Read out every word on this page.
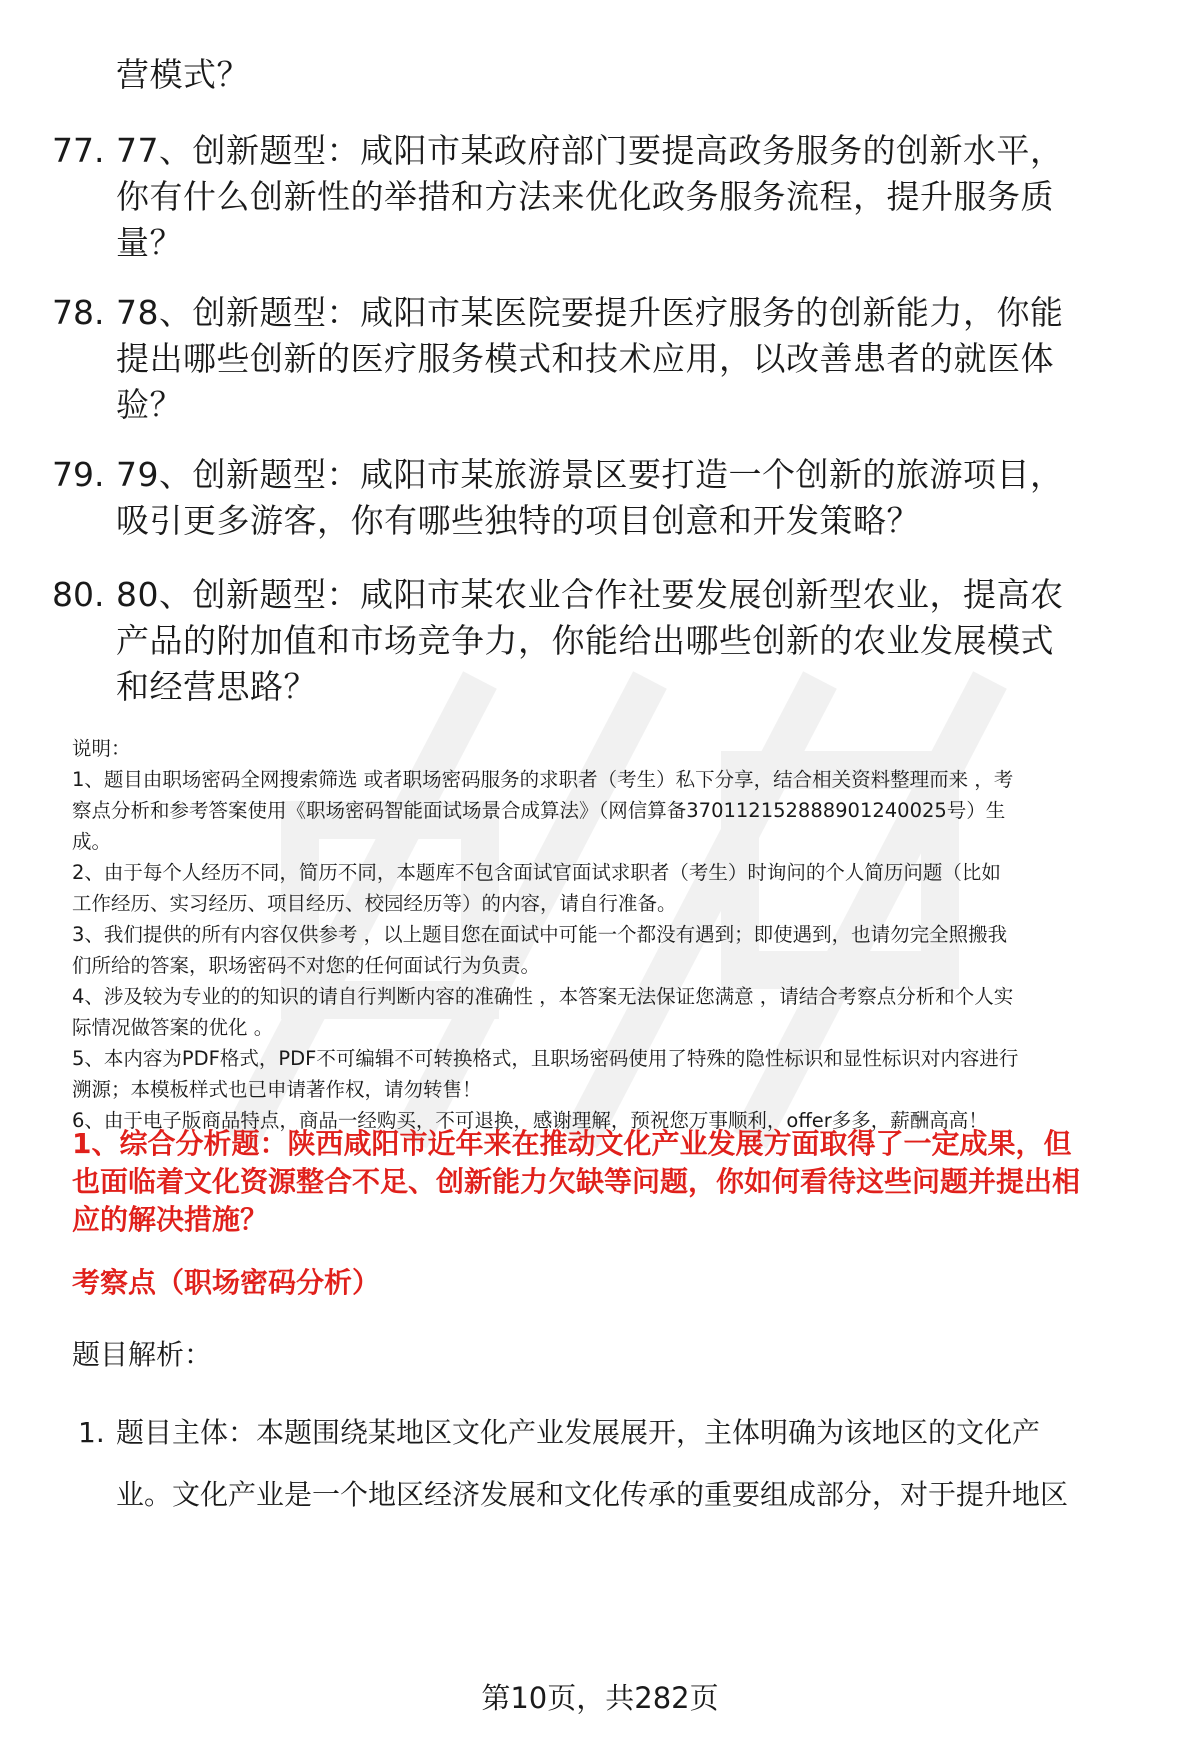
营模式？
77. 77、创新题型：咸阳市某政府部门要提高政务服务的创新水平，
你有什么创新性的举措和方法来优化政务服务流程，提升服务质
量？
78. 78、创新题型：咸阳市某医院要提升医疗服务的创新能力，你能
提出哪些创新的医疗服务模式和技术应用，以改善患者的就医体
验？
79. 79、创新题型：咸阳市某旅游景区要打造一个创新的旅游项目，
吸引更多游客，你有哪些独特的项目创意和开发策略？
80. 80、创新题型：咸阳市某农业合作社要发展创新型农业，提高农
产品的附加值和市场竞争力，你能给出哪些创新的农业发展模式
和经营思路？
说明：
1、题目由职场密码全网搜索筛选 或者职场密码服务的求职者（考生）私下分享，结合相关资料整理而来 ，考
察点分析和参考答案使用《职场密码智能面试场景合成算法》（网信算备370112152888901240025号）生
成。
2、由于每个人经历不同，简历不同，本题库不包含面试官面试求职者（考生）时询问的个人简历问题（比如
工作经历、实习经历、项目经历、校园经历等）的内容，请自行准备。
3、我们提供的所有内容仅供参考 ，以上题目您在面试中可能一个都没有遇到；即使遇到，也请勿完全照搬我
们所给的答案，职场密码不对您的任何面试行为负责。
4、涉及较为专业的的知识的请自行判断内容的准确性 ，本答案无法保证您满意 ，请结合考察点分析和个人实
际情况做答案的优化 。
5、本内容为PDF格式，PDF不可编辑不可转换格式，且职场密码使用了特殊的隐性标识和显性标识对内容进行
溯源；本模板样式也已申请著作权，请勿转售！
6、由于电子版商品特点，商品一经购买，不可退换，感谢理解，预祝您万事顺利，offer多多，薪酬高高！
1、综合分析题：陕西咸阳市近年来在推动文化产业发展方面取得了一定成果，但
也面临着文化资源整合不足、创新能力欠缺等问题，你如何看待这些问题并提出相
应的解决措施？
考察点（职场密码分析）
题目解析：
1. 题目主体：本题围绕某地区文化产业发展展开，主体明确为该地区的文化产
业。文化产业是一个地区经济发展和文化传承的重要组成部分，对于提升地区
第10页，共282页
